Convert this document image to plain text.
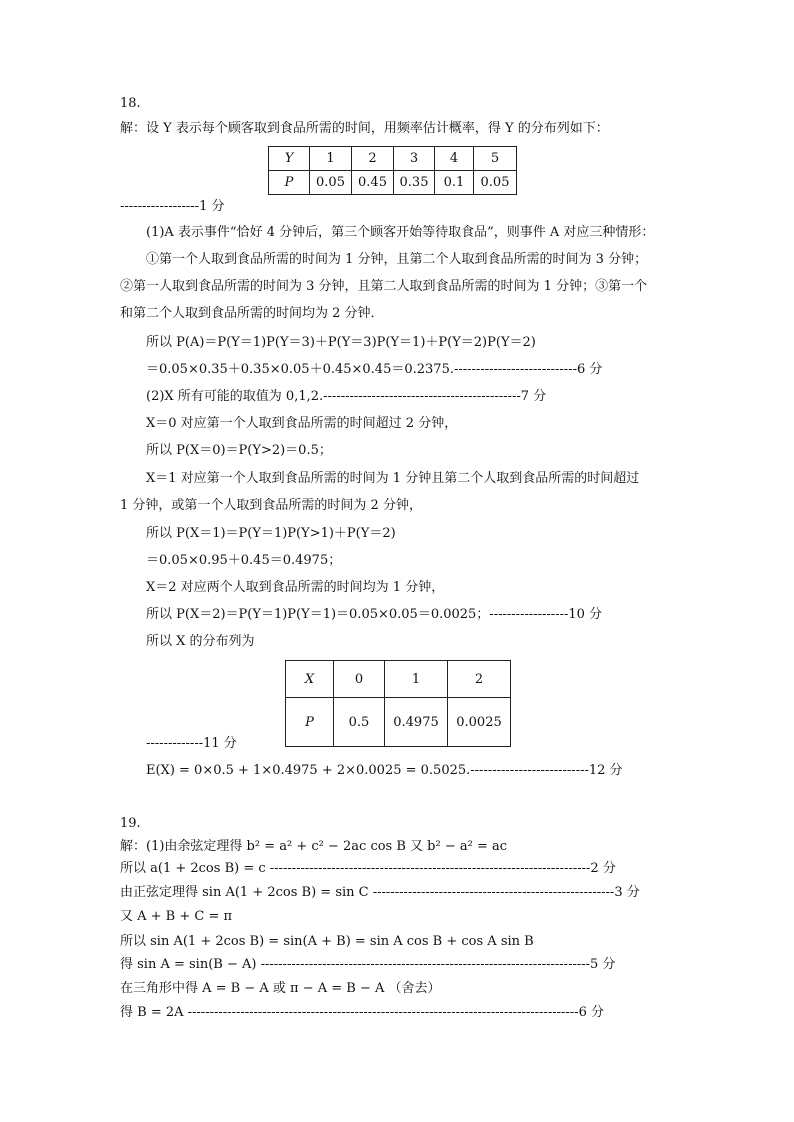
18.
解：设 Y 表示每个顾客取到食品所需的时间，用频率估计概率，得 Y 的分布列如下：
Y	1	2	3	4	5
P	0.05	0.45	0.35	0.1	0.05
------------------1 分
(1)A 表示事件“恰好 4 分钟后，第三个顾客开始等待取食品”，则事件 A 对应三种情形：
①第一个人取到食品所需的时间为 1 分钟，且第二个人取到食品所需的时间为 3 分钟；
②第一人取到食品所需的时间为 3 分钟，且第二人取到食品所需的时间为 1 分钟；③第一个
和第二个人取到食品所需的时间均为 2 分钟．
所以 P(A)＝P(Y＝1)P(Y＝3)＋P(Y＝3)P(Y＝1)＋P(Y＝2)P(Y＝2)
＝0.05×0.35＋0.35×0.05＋0.45×0.45＝0.2375.----------------------------6 分
(2)X 所有可能的取值为 0,1,2.---------------------------------------------7 分
X＝0 对应第一个人取到食品所需的时间超过 2 分钟，
所以 P(X＝0)＝P(Y>2)＝0.5；
X＝1 对应第一个人取到食品所需的时间为 1 分钟且第二个人取到食品所需的时间超过
1 分钟，或第一个人取到食品所需的时间为 2 分钟，
所以 P(X＝1)＝P(Y＝1)P(Y>1)＋P(Y＝2)
＝0.05×0.95＋0.45＝0.4975；
X＝2 对应两个人取到食品所需的时间均为 1 分钟，
所以 P(X＝2)＝P(Y＝1)P(Y＝1)＝0.05×0.05＝0.0025；------------------10 分
所以 X 的分布列为
X	0	1	2
P	0.5	0.4975	0.0025
-------------11 分
E(X) = 0×0.5 + 1×0.4975 + 2×0.0025 = 0.5025.---------------------------12 分
19.
解：(1)由余弦定理得 b² = a² + c² − 2ac cos B 又 b² − a² = ac
所以 a(1 + 2cos B) = c -------------------------------------------------------------------------2 分
由正弦定理得 sin A(1 + 2cos B) = sin C -------------------------------------------------------3 分
又 A + B + C = π
所以 sin A(1 + 2cos B) = sin(A + B) = sin A cos B + cos A sin B
得 sin A = sin(B − A) ---------------------------------------------------------------------------5 分
在三角形中得 A = B − A 或 π − A = B − A （舍去）
得 B = 2A -----------------------------------------------------------------------------------------6 分
